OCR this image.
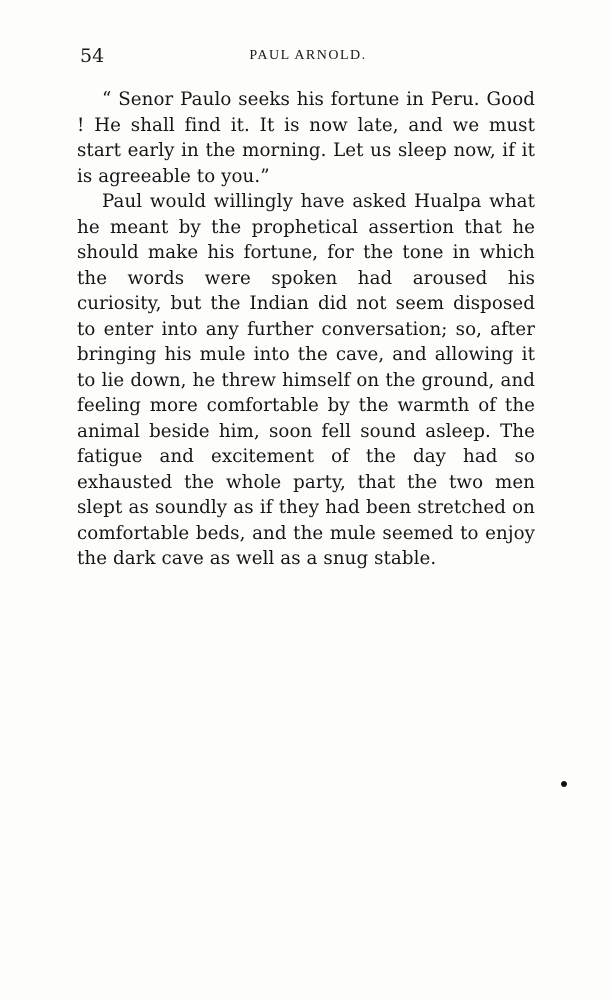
54	PAUL ARNOLD.

“ Senor Paulo seeks his fortune in Peru. Good ! He shall find it. It is now late, and we must start early in the morning. Let us sleep now, if it is agreeable to you.”

Paul would willingly have asked Hualpa what he meant by the prophetical assertion that he should make his fortune, for the tone in which the words were spoken had aroused his curiosity, but the Indian did not seem disposed to enter into any further conversation; so, after bringing his mule into the cave, and allowing it to lie down, he threw himself on the ground, and feeling more comfortable by the warmth of the animal beside him, soon fell sound asleep. The fatigue and excitement of the day had so exhausted the whole party, that the two men slept as soundly as if they had been stretched on comfortable beds, and the mule seemed to enjoy the dark cave as well as a snug stable.
